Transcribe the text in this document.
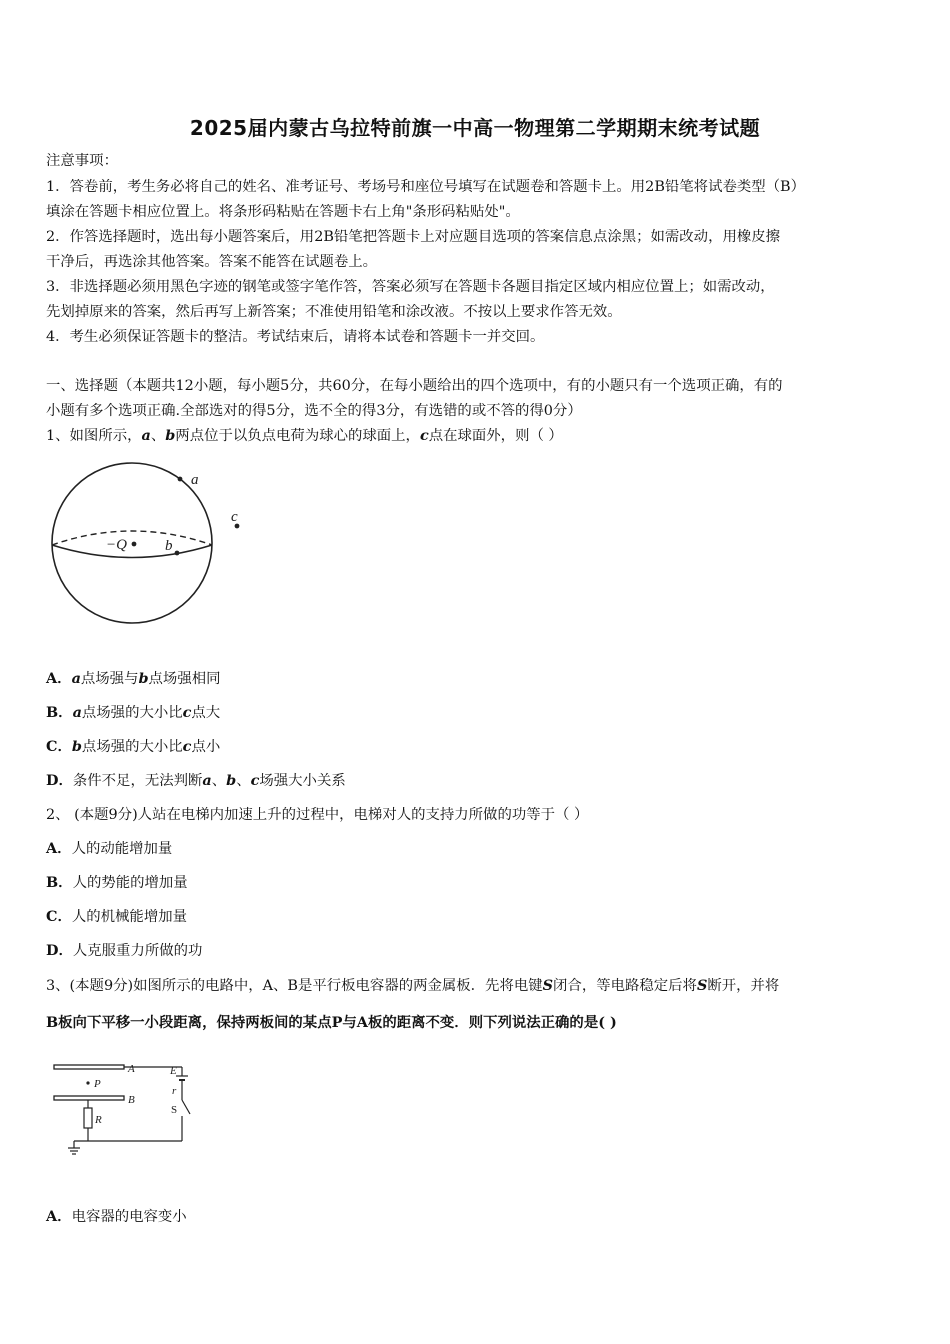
2025届内蒙古乌拉特前旗一中高一物理第二学期期末统考试题
注意事项：
1．答卷前，考生务必将自己的姓名、准考证号、考场号和座位号填写在试题卷和答题卡上。用2B铅笔将试卷类型（B）
填涂在答题卡相应位置上。将条形码粘贴在答题卡右上角"条形码粘贴处"。
2．作答选择题时，选出每小题答案后，用2B铅笔把答题卡上对应题目选项的答案信息点涂黑；如需改动，用橡皮擦
干净后，再选涂其他答案。答案不能答在试题卷上。
3．非选择题必须用黑色字迹的钢笔或签字笔作答，答案必须写在答题卡各题目指定区域内相应位置上；如需改动，
先划掉原来的答案，然后再写上新答案；不准使用铅笔和涂改液。不按以上要求作答无效。
4．考生必须保证答题卡的整洁。考试结束后，请将本试卷和答题卡一并交回。
一、选择题（本题共12小题，每小题5分，共60分，在每小题给出的四个选项中，有的小题只有一个选项正确，有的
小题有多个选项正确.全部选对的得5分，选不全的得3分，有选错的或不答的得0分）
1、如图所示，a、b两点位于以负点电荷为球心的球面上，c点在球面外，则（ ）
a
−Q	b
c
A．a点场强与b点场强相同
B．a点场强的大小比c点大
C．b点场强的大小比c点小
D．条件不足，无法判断a、b、c场强大小关系
2、 (本题9分)人站在电梯内加速上升的过程中，电梯对人的支持力所做的功等于（ ）
A．人的动能增加量
B．人的势能的增加量
C．人的机械能增加量
D．人克服重力所做的功
3、(本题9分)如图所示的电路中，A、B是平行板电容器的两金属板．先将电键S闭合，等电路稳定后将S断开，并将
B板向下平移一小段距离，保持两板间的某点P与A板的距离不变．则下列说法正确的是( )
A
P
B
E
r
S
R
A．电容器的电容变小
